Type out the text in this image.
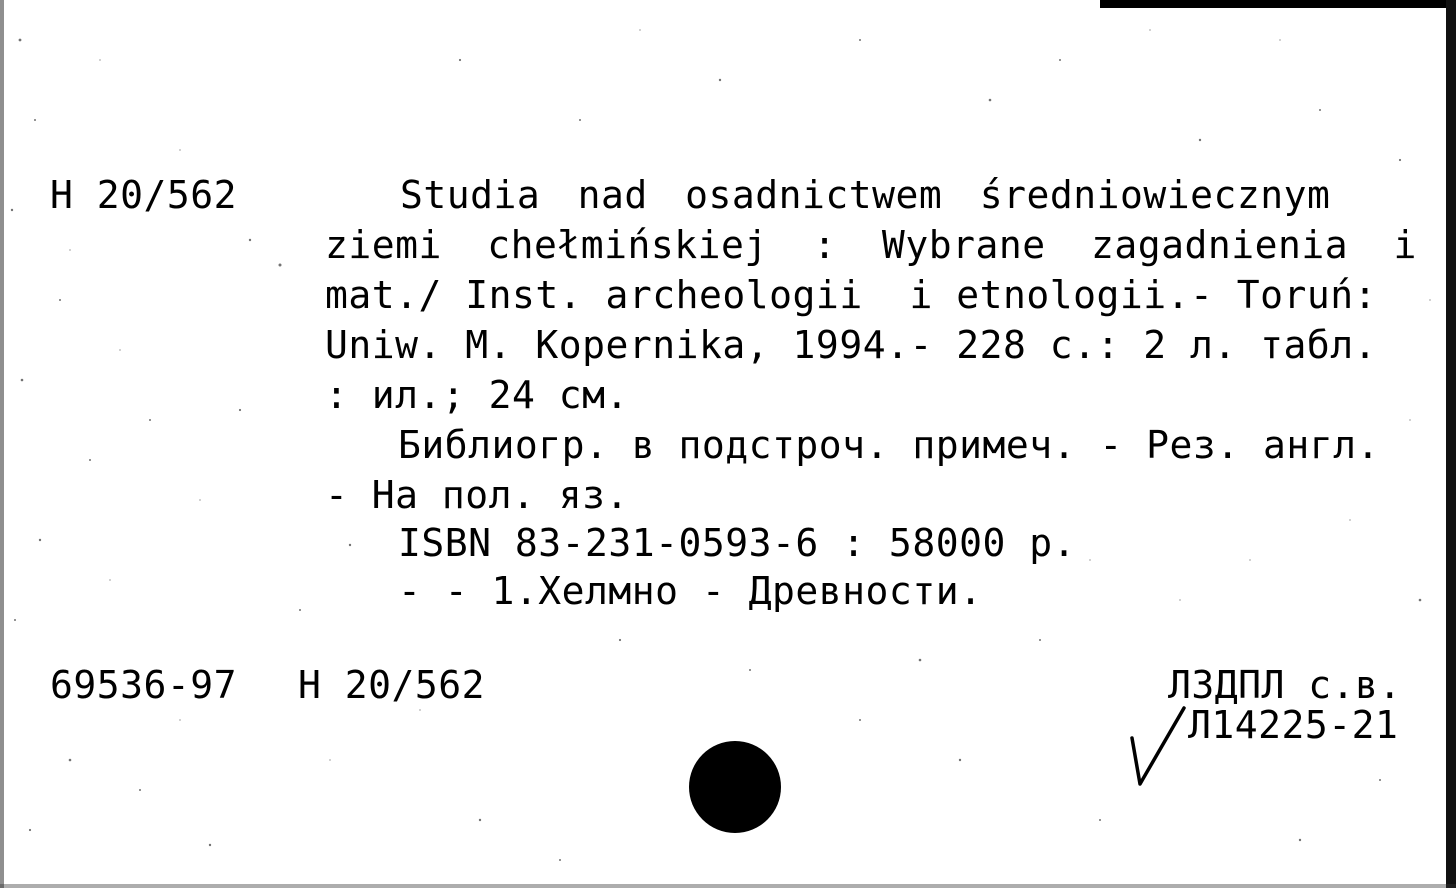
H 20/562	Studia nad osadnictwem średniowiecznym
ziemi chełmińskiej : Wybrane zagadnienia i
mat./ Inst. archeologii  i etnologii.- Toruń:
Uniw. M. Kopernika, 1994.- 228 с.: 2 л. табл.
: ил.; 24 см.
Библиогр. в подстроч. примеч. - Рез. англ.
- На пол. яз.
ISBN 83-231-0593-6 : 58000 р.
- - 1.Хелмно - Древности.
69536-97 H 20/562	ЛЗДПЛ с.в.
Л14225-21
